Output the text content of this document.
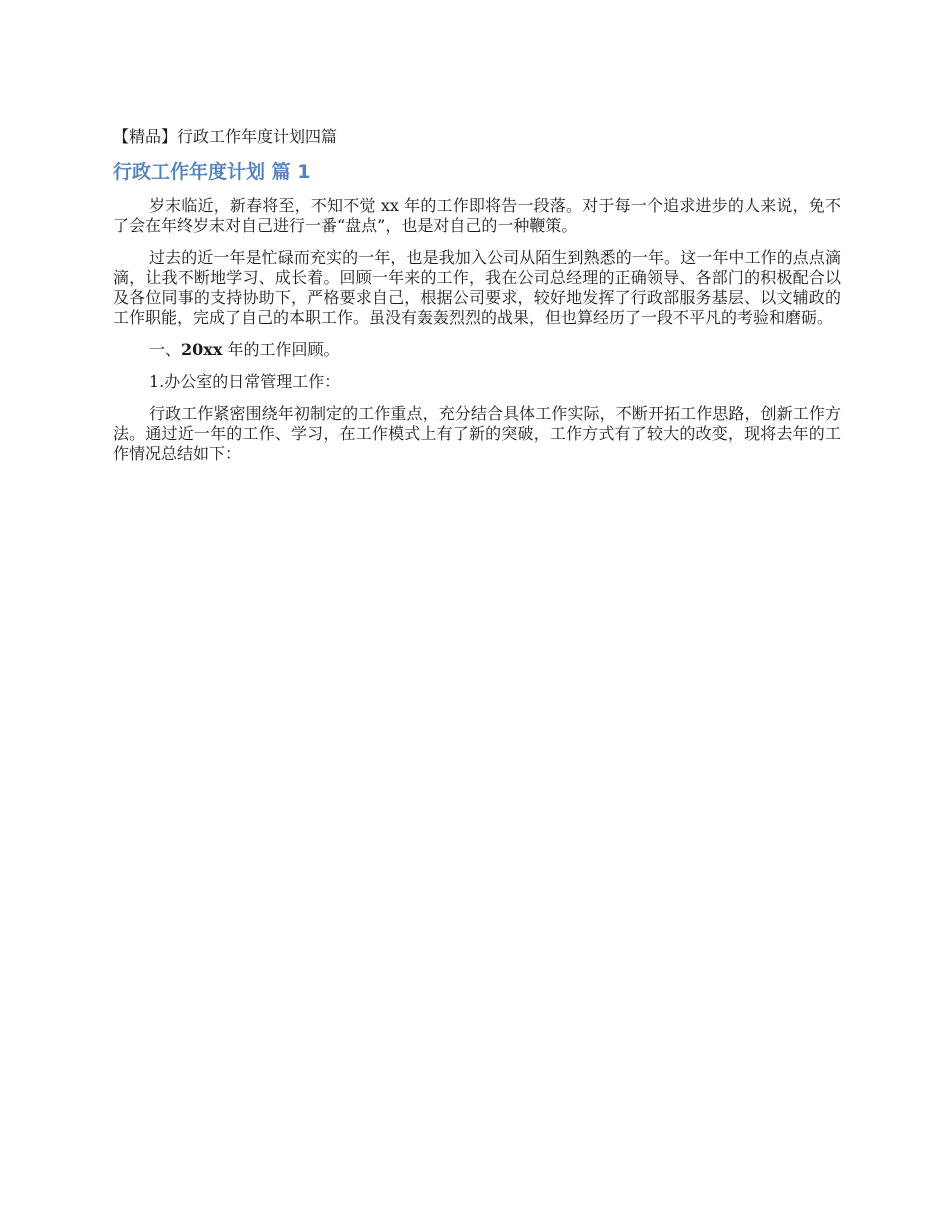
【精品】行政工作年度计划四篇
行政工作年度计划 篇 1

岁末临近，新春将至，不知不觉 xx 年的工作即将告一段落。对于每一个追求进步的人来说，免不了会在年终岁末对自己进行一番“盘点”，也是对自己的一种鞭策。

过去的近一年是忙碌而充实的一年，也是我加入公司从陌生到熟悉的一年。这一年中工作的点点滴滴，让我不断地学习、成长着。回顾一年来的工作，我在公司总经理的正确领导、各部门的积极配合以及各位同事的支持协助下，严格要求自己，根据公司要求，较好地发挥了行政部服务基层、以文辅政的工作职能，完成了自己的本职工作。虽没有轰轰烈烈的战果，但也算经历了一段不平凡的考验和磨砺。

一、20xx 年的工作回顾。

1.办公室的日常管理工作：

行政工作紧密围绕年初制定的工作重点，充分结合具体工作实际，不断开拓工作思路，创新工作方法。通过近一年的工作、学习，在工作模式上有了新的突破，工作方式有了较大的改变，现将去年的工作情况总结如下：
